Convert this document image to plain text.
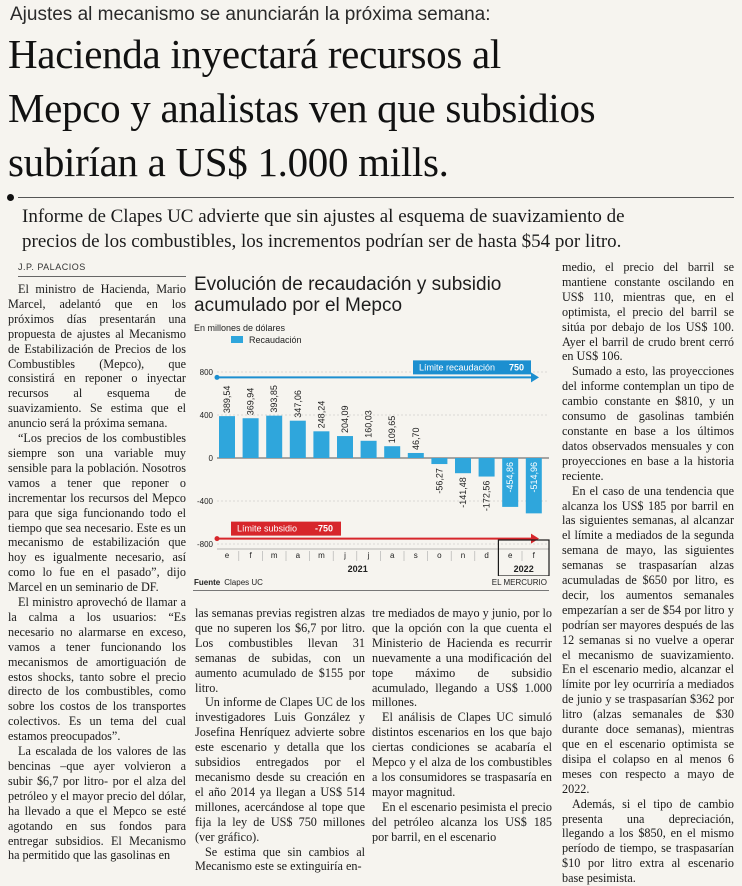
Ajustes al mecanismo se anunciarán la próxima semana:
Hacienda inyectará recursos al
Mepco y analistas ven que subsidios
subirían a US$ 1.000 mills.
Informe de Clapes UC advierte que sin ajustes al esquema de suavizamiento de
precios de los combustibles, los incrementos podrían ser de hasta $54 por litro.
J.P. PALACIOS

El ministro de Hacienda, Mario Marcel, adelantó que en los próximos días presentarán una propuesta de ajustes al Mecanismo de Estabilización de Precios de los Combustibles (Mepco), que consistirá en reponer o inyectar recursos al esquema de suavizamiento. Se estima que el anuncio será la próxima semana.

“Los precios de los combustibles siempre son una variable muy sensible para la población. Nosotros vamos a tener que reponer o incrementar los recursos del Mepco para que siga funcionando todo el tiempo que sea necesario. Este es un mecanismo de estabilización que hoy es igualmente necesario, así como lo fue en el pasado”, dijo Marcel en un seminario de DF.

El ministro aprovechó de llamar a la calma a los usuarios: “Es necesario no alarmarse en exceso, vamos a tener funcionando los mecanismos de amortiguación de estos shocks, tanto sobre el precio directo de los combustibles, como sobre los costos de los transportes colectivos. Es un tema del cual estamos preocupados”.

La escalada de los valores de las bencinas –que ayer volvieron a subir $6,7 por litro- por el alza del petróleo y el mayor precio del dólar, ha llevado a que el Mepco se esté agotando en sus fondos para entregar subsidios. El Mecanismo ha permitido que las gasolinas en

Evolución de recaudación y subsidio
acumulado por el Mepco
En millones de dólares
800
400
0
-400
-800
Recaudación
Límite recaudación 750
Límite subsidio -750
389,54 369,94 393,85 347,06 248,24 204,09 160,03 109,65 46,70
-56,27 -141,48 -172,56
-454,86 -514,96
e	f m a m j	j	a s o n d e	f
2021	2022
Fuente Clapes UC	EL MERCURIO

las semanas previas registren alzas que no superen los $6,7 por litro. Los combustibles llevan 31 semanas de subidas, con un aumento acumulado de $155 por litro.

Un informe de Clapes UC de los investigadores Luis González y Josefina Henríquez advierte sobre este escenario y detalla que los subsidios entregados por el mecanismo desde su creación en el año 2014 ya llegan a US$ 514 millones, acercándose al tope que fija la ley de US$ 750 millones (ver gráfico).

Se estima que sin cambios al Mecanismo este se extinguiría en-

tre mediados de mayo y junio, por lo que la opción con la que cuenta el Ministerio de Hacienda es recurrir nuevamente a una modificación del tope máximo de subsidio acumulado, llegando a US$ 1.000 millones.

El análisis de Clapes UC simuló distintos escenarios en los que bajo ciertas condiciones se acabaría el Mepco y el alza de los combustibles a los consumidores se traspasaría en mayor magnitud.

En el escenario pesimista el precio del petróleo alcanza los US$ 185 por barril, en el escenario

medio, el precio del barril se mantiene constante oscilando en US$ 110, mientras que, en el optimista, el precio del barril se sitúa por debajo de los US$ 100. Ayer el barril de crudo brent cerró en US$ 106.

Sumado a esto, las proyecciones del informe contemplan un tipo de cambio constante en $810, y un consumo de gasolinas también constante en base a los últimos datos observados mensuales y con proyecciones en base a la historia reciente.

En el caso de una tendencia que alcanza los US$ 185 por barril en las siguientes semanas, al alcanzar el límite a mediados de la segunda semana de mayo, las siguientes semanas se traspasarían alzas acumuladas de $650 por litro, es decir, los aumentos semanales empezarían a ser de $54 por litro y podrían ser mayores después de las 12 semanas si no vuelve a operar el mecanismo de suavizamiento. En el escenario medio, alcanzar el límite por ley ocurriría a mediados de junio y se traspasarían $362 por litro (alzas semanales de $30 durante doce semanas), mientras que en el escenario optimista se disipa el colapso en al menos 6 meses con respecto a mayo de 2022.

Además, si el tipo de cambio presenta una depreciación, llegando a los $850, en el mismo período de tiempo, se traspasarían $10 por litro extra al escenario base pesimista.
